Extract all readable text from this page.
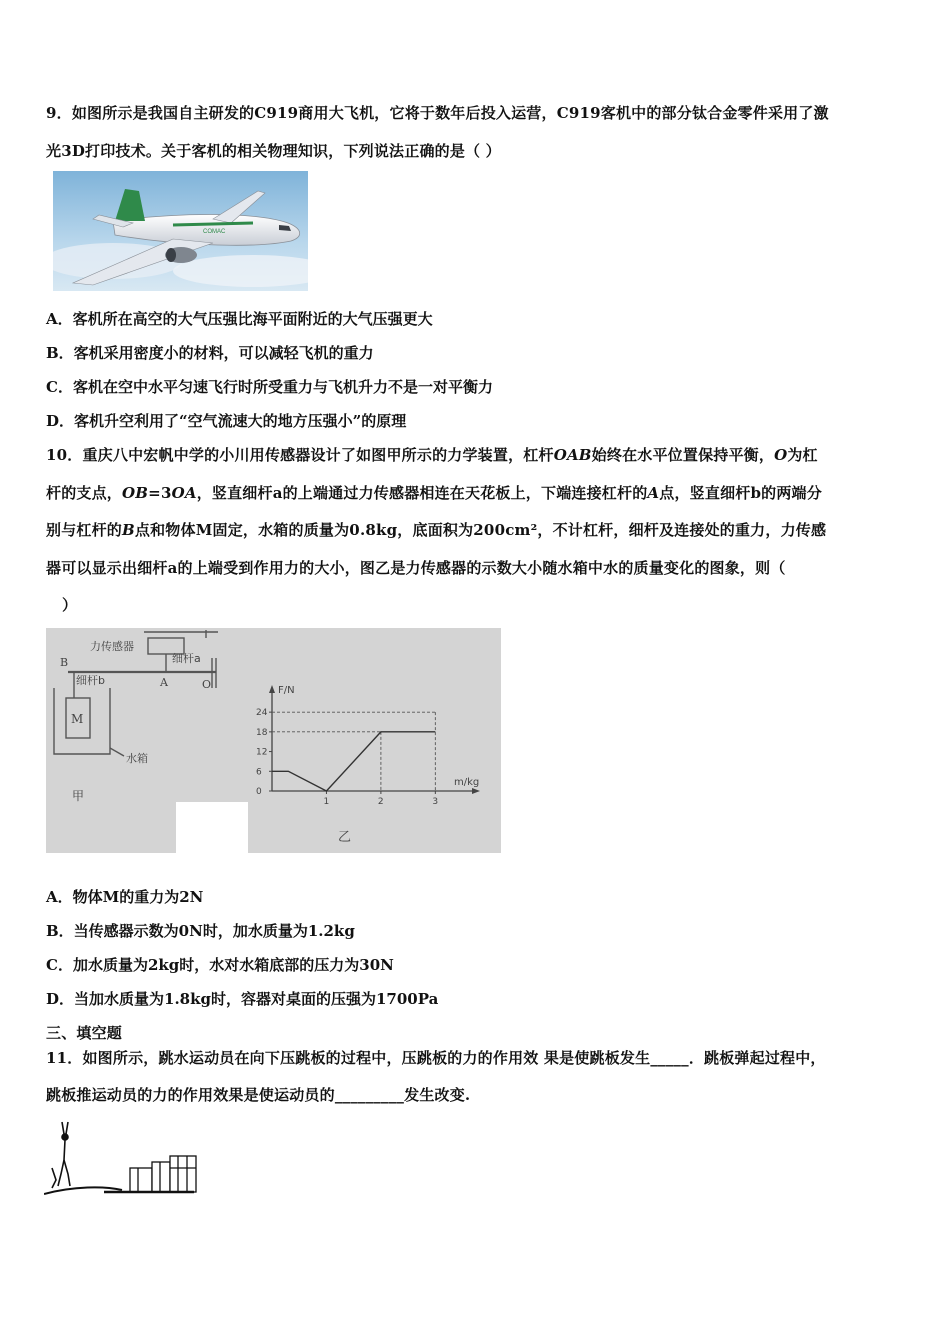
9．如图所示是我国自主研发的C919商用大飞机，它将于数年后投入运营，C919客机中的部分钛合金零件采用了激
光3D打印技术。关于客机的相关物理知识，下列说法正确的是（ ）
COMAC
A．客机所在高空的大气压强比海平面附近的大气压强更大
B．客机采用密度小的材料，可以减轻飞机的重力
C．客机在空中水平匀速飞行时所受重力与飞机升力不是一对平衡力
D．客机升空利用了“空气流速大的地方压强小”的原理
10．重庆八中宏帆中学的小川用传感器设计了如图甲所示的力学装置，杠杆OAB始终在水平位置保持平衡，O为杠
杆的支点，OB=3OA，竖直细杆a的上端通过力传感器相连在天花板上，下端连接杠杆的A点，竖直细杆b的两端分
别与杠杆的B点和物体M固定，水箱的质量为0.8kg，底面积为200cm²，不计杠杆，细杆及连接处的重力，力传感
器可以显示出细杆a的上端受到作用力的大小，图乙是力传感器的示数大小随水箱中水的质量变化的图象，则（
）
力传感器
细杆a
细杆b
B
A	O
M
水箱
甲
F/N
m/kg
24
18
12
6
0
1	2	3
乙
A．物体M的重力为2N
B．当传感器示数为0N时，加水质量为1.2kg
C．加水质量为2kg时，水对水箱底部的压力为30N
D．当加水质量为1.8kg时，容器对桌面的压强为1700Pa
三、填空题
11．如图所示，跳水运动员在向下压跳板的过程中，压跳板的力的作用效 果是使跳板发生_____．跳板弹起过程中，
跳板推运动员的力的作用效果是使运动员的_________发生改变.
